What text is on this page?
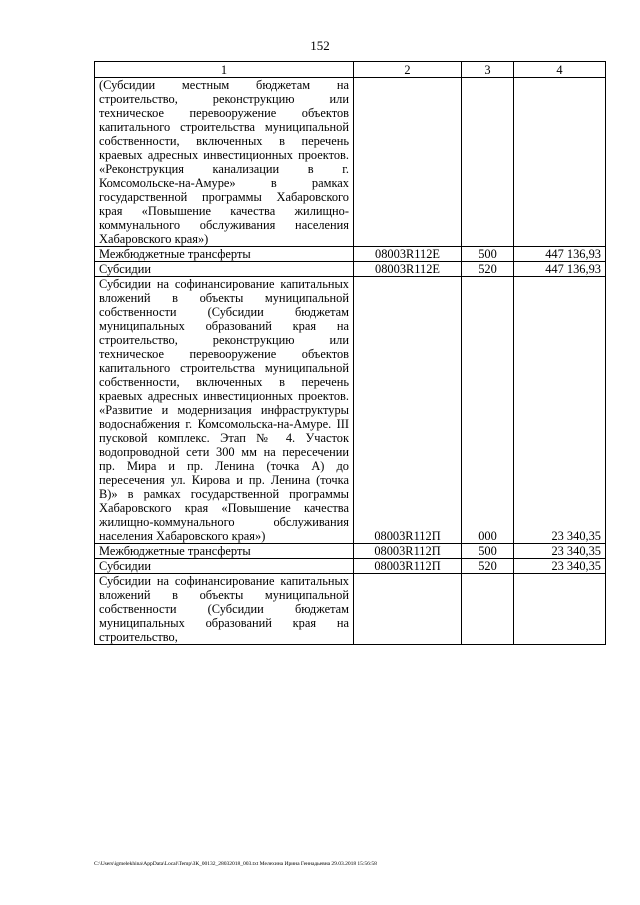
152
1	2	3	4
(Субсидии местным бюджетам на строительство, реконструкцию или техническое перевооружение объектов капитального строительства муниципальной собственности, включенных в перечень краевых адресных инвестиционных проектов. «Реконструкция канализации в г. Комсомольске-на-Амуре» в рамках государственной программы Хабаровского края «Повышение качества жилищно-коммунального обслуживания населения Хабаровского края»)			
Межбюджетные трансферты	08003R112E	500	447 136,93
Субсидии	08003R112E	520	447 136,93
Субсидии на софинансирование капитальных вложений в объекты муниципальной собственности (Субсидии бюджетам муниципальных образований края на строительство, реконструкцию или техническое перевооружение объектов капитального строительства муниципальной собственности, включенных в перечень краевых адресных инвестиционных проектов. «Развитие и модернизация инфраструктуры водоснабжения г. Комсомольска-на-Амуре. III пусковой комплекс. Этап № 4. Участок водопроводной сети 300 мм на пересечении пр. Мира и пр. Ленина (точка А) до пересечения ул. Кирова и пр. Ленина (точка В)» в рамках государственной программы Хабаровского края «Повышение качества жилищно-коммунального обслуживания населения Хабаровского края»)	08003R112П	000	23 340,35
Межбюджетные трансферты	08003R112П	500	23 340,35
Субсидии	08003R112П	520	23 340,35
Субсидии на софинансирование капитальных вложений в объекты муниципальной собственности (Субсидии бюджетам муниципальных образований края на строительство,			
C:\Users\igmelekhina\AppData\Local\Temp\ЗК_00132_28032018_003.txt Мелехина Ирина Геннадьевна 29.03.2018 15:56:58
